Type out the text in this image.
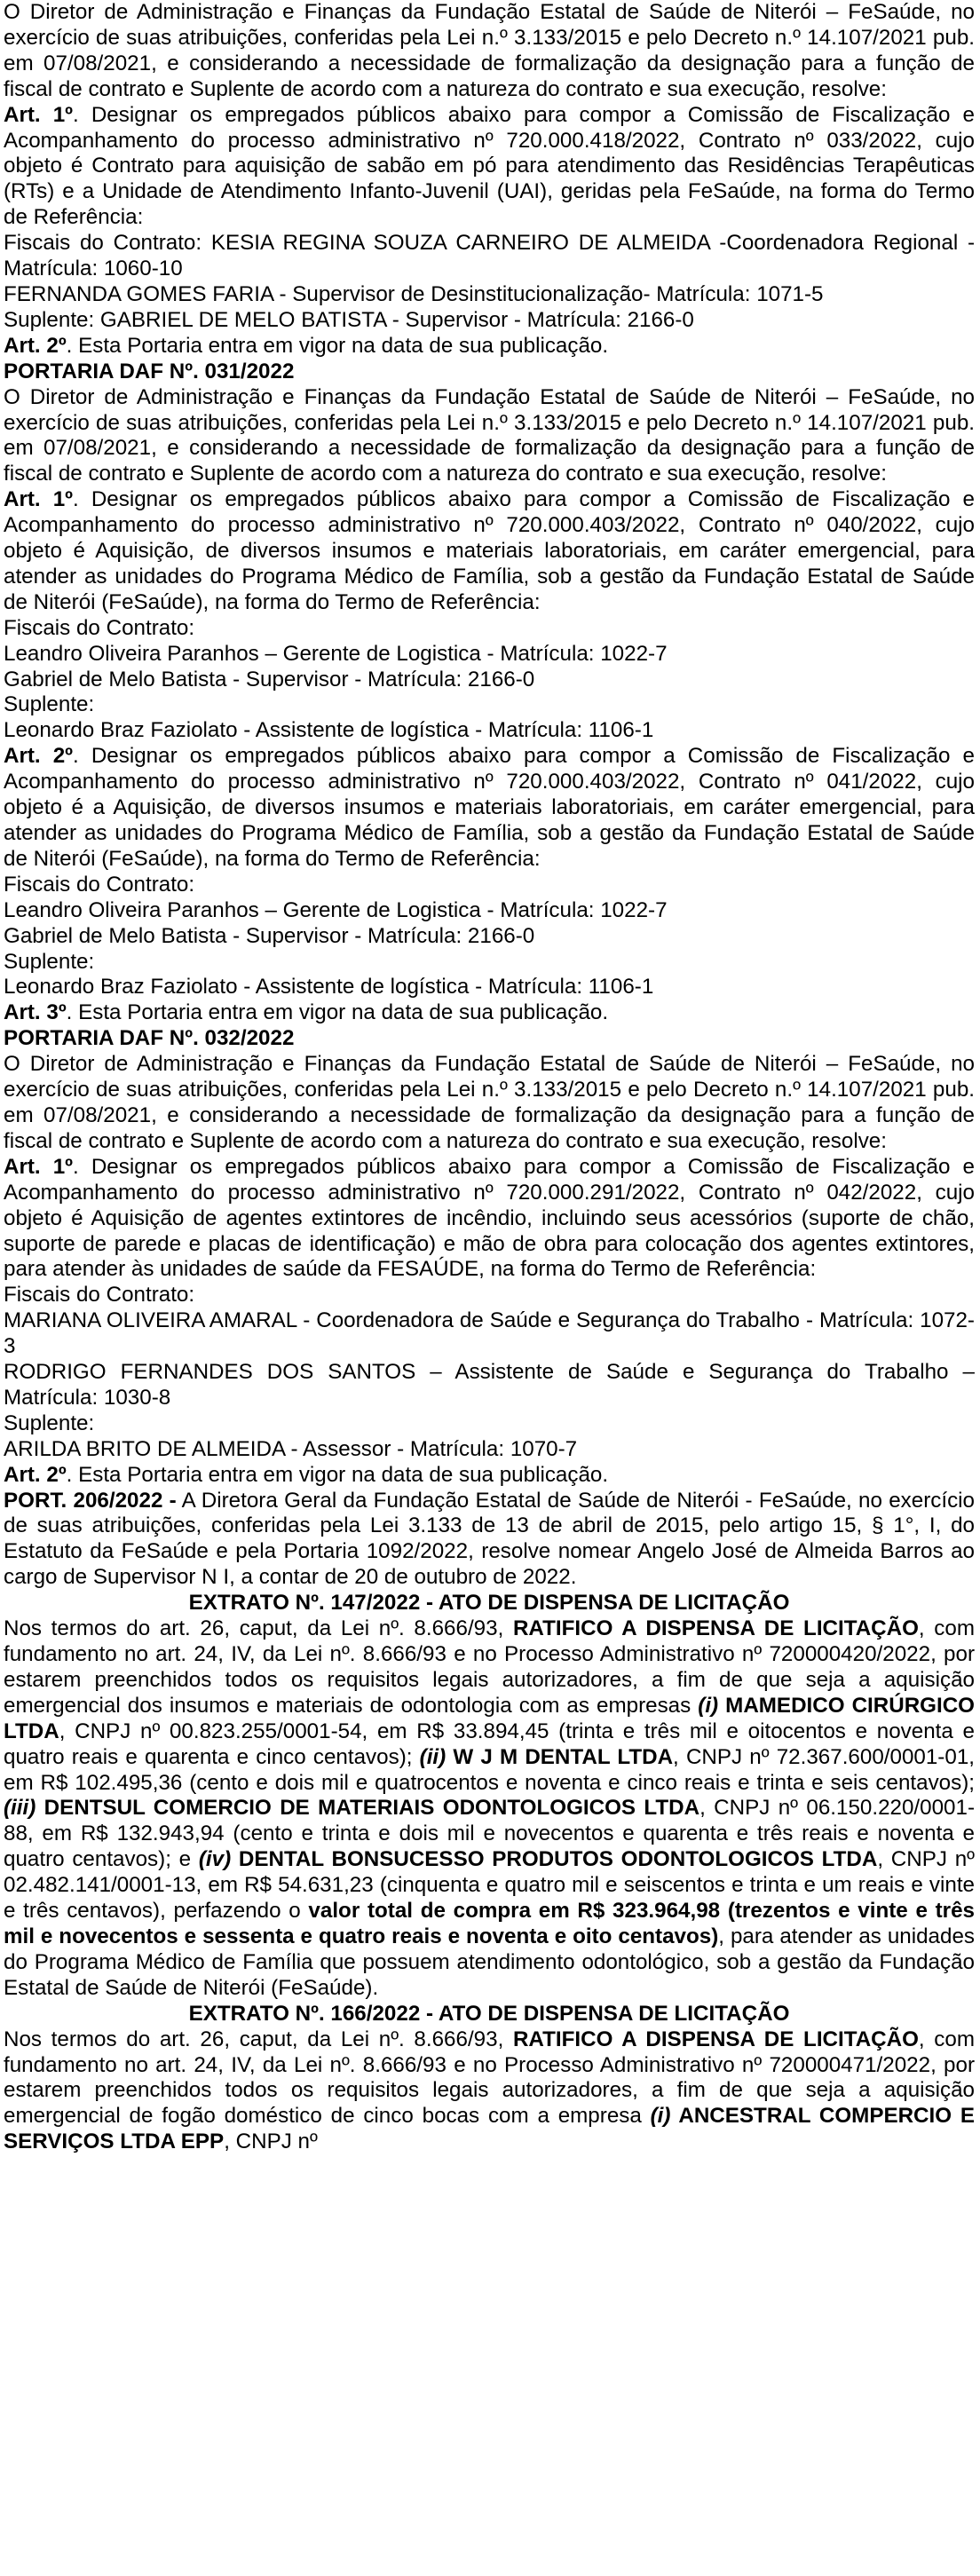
O Diretor de Administração e Finanças da Fundação Estatal de Saúde de Niterói – FeSaúde, no exercício de suas atribuições, conferidas pela Lei n.º 3.133/2015 e pelo Decreto n.º 14.107/2021 pub. em 07/08/2021, e considerando a necessidade de formalização da designação para a função de fiscal de contrato e Suplente de acordo com a natureza do contrato e sua execução, resolve:

Art. 1º. Designar os empregados públicos abaixo para compor a Comissão de Fiscalização e Acompanhamento do processo administrativo nº 720.000.418/2022, Contrato nº 033/2022, cujo objeto é Contrato para aquisição de sabão em pó para atendimento das Residências Terapêuticas (RTs) e a Unidade de Atendimento Infanto-Juvenil (UAI), geridas pela FeSaúde, na forma do Termo de Referência:

Fiscais do Contrato: KESIA REGINA SOUZA CARNEIRO DE ALMEIDA -Coordenadora Regional - Matrícula: 1060-10

FERNANDA GOMES FARIA - Supervisor de Desinstitucionalização- Matrícula: 1071-5

Suplente: GABRIEL DE MELO BATISTA - Supervisor - Matrícula: 2166-0

Art. 2º. Esta Portaria entra em vigor na data de sua publicação.

PORTARIA DAF Nº. 031/2022

O Diretor de Administração e Finanças da Fundação Estatal de Saúde de Niterói – FeSaúde, no exercício de suas atribuições, conferidas pela Lei n.º 3.133/2015 e pelo Decreto n.º 14.107/2021 pub. em 07/08/2021, e considerando a necessidade de formalização da designação para a função de fiscal de contrato e Suplente de acordo com a natureza do contrato e sua execução, resolve:

Art. 1º. Designar os empregados públicos abaixo para compor a Comissão de Fiscalização e Acompanhamento do processo administrativo nº 720.000.403/2022, Contrato nº 040/2022, cujo objeto é Aquisição, de diversos insumos e materiais laboratoriais, em caráter emergencial, para atender as unidades do Programa Médico de Família, sob a gestão da Fundação Estatal de Saúde de Niterói (FeSaúde), na forma do Termo de Referência:

Fiscais do Contrato:

Leandro Oliveira Paranhos – Gerente de Logistica - Matrícula: 1022-7

Gabriel de Melo Batista - Supervisor - Matrícula: 2166-0

Suplente:

Leonardo Braz Faziolato - Assistente de logística - Matrícula: 1106-1

Art. 2º. Designar os empregados públicos abaixo para compor a Comissão de Fiscalização e Acompanhamento do processo administrativo nº 720.000.403/2022, Contrato nº 041/2022, cujo objeto é a Aquisição, de diversos insumos e materiais laboratoriais, em caráter emergencial, para atender as unidades do Programa Médico de Família, sob a gestão da Fundação Estatal de Saúde de Niterói (FeSaúde), na forma do Termo de Referência:

Fiscais do Contrato:

Leandro Oliveira Paranhos – Gerente de Logistica - Matrícula: 1022-7

Gabriel de Melo Batista - Supervisor - Matrícula: 2166-0

Suplente:

Leonardo Braz Faziolato - Assistente de logística - Matrícula: 1106-1

Art. 3º. Esta Portaria entra em vigor na data de sua publicação.

PORTARIA DAF Nº. 032/2022

O Diretor de Administração e Finanças da Fundação Estatal de Saúde de Niterói – FeSaúde, no exercício de suas atribuições, conferidas pela Lei n.º 3.133/2015 e pelo Decreto n.º 14.107/2021 pub. em 07/08/2021, e considerando a necessidade de formalização da designação para a função de fiscal de contrato e Suplente de acordo com a natureza do contrato e sua execução, resolve:

Art. 1º. Designar os empregados públicos abaixo para compor a Comissão de Fiscalização e Acompanhamento do processo administrativo nº 720.000.291/2022, Contrato nº 042/2022, cujo objeto é Aquisição de agentes extintores de incêndio, incluindo seus acessórios (suporte de chão, suporte de parede e placas de identificação) e mão de obra para colocação dos agentes extintores, para atender às unidades de saúde da FESAÚDE, na forma do Termo de Referência:

Fiscais do Contrato:

MARIANA OLIVEIRA AMARAL - Coordenadora de Saúde e Segurança do Trabalho - Matrícula: 1072-3

RODRIGO FERNANDES DOS SANTOS – Assistente de Saúde e Segurança do Trabalho – Matrícula: 1030-8

Suplente:

ARILDA BRITO DE ALMEIDA - Assessor - Matrícula: 1070-7

Art. 2º. Esta Portaria entra em vigor na data de sua publicação.

PORT. 206/2022 - A Diretora Geral da Fundação Estatal de Saúde de Niterói - FeSaúde, no exercício de suas atribuições, conferidas pela Lei 3.133 de 13 de abril de 2015, pelo artigo 15, § 1°, I, do Estatuto da FeSaúde e pela Portaria 1092/2022, resolve nomear Angelo José de Almeida Barros ao cargo de Supervisor N I, a contar de 20 de outubro de 2022.

EXTRATO Nº. 147/2022 - ATO DE DISPENSA DE LICITAÇÃO

Nos termos do art. 26, caput, da Lei nº. 8.666/93, RATIFICO A DISPENSA DE LICITAÇÃO, com fundamento no art. 24, IV, da Lei nº. 8.666/93 e no Processo Administrativo nº 720000420/2022, por estarem preenchidos todos os requisitos legais autorizadores, a fim de que seja a aquisição emergencial dos insumos e materiais de odontologia com as empresas (i) MAMEDICO CIRÚRGICO LTDA, CNPJ nº 00.823.255/0001-54, em R$ 33.894,45 (trinta e três mil e oitocentos e noventa e quatro reais e quarenta e cinco centavos); (ii) W J M DENTAL LTDA, CNPJ nº 72.367.600/0001-01, em R$ 102.495,36 (cento e dois mil e quatrocentos e noventa e cinco reais e trinta e seis centavos); (iii) DENTSUL COMERCIO DE MATERIAIS ODONTOLOGICOS LTDA, CNPJ nº 06.150.220/0001-88, em R$ 132.943,94 (cento e trinta e dois mil e novecentos e quarenta e três reais e noventa e quatro centavos); e (iv) DENTAL BONSUCESSO PRODUTOS ODONTOLOGICOS LTDA, CNPJ nº 02.482.141/0001-13, em R$ 54.631,23 (cinquenta e quatro mil e seiscentos e trinta e um reais e vinte e três centavos), perfazendo o valor total de compra em R$ 323.964,98 (trezentos e vinte e três mil e novecentos e sessenta e quatro reais e noventa e oito centavos), para atender as unidades do Programa Médico de Família que possuem atendimento odontológico, sob a gestão da Fundação Estatal de Saúde de Niterói (FeSaúde).

EXTRATO Nº. 166/2022 - ATO DE DISPENSA DE LICITAÇÃO

Nos termos do art. 26, caput, da Lei nº. 8.666/93, RATIFICO A DISPENSA DE LICITAÇÃO, com fundamento no art. 24, IV, da Lei nº. 8.666/93 e no Processo Administrativo nº 720000471/2022, por estarem preenchidos todos os requisitos legais autorizadores, a fim de que seja a aquisição emergencial de fogão doméstico de cinco bocas com a empresa (i) ANCESTRAL COMPERCIO E SERVIÇOS LTDA EPP, CNPJ nº
